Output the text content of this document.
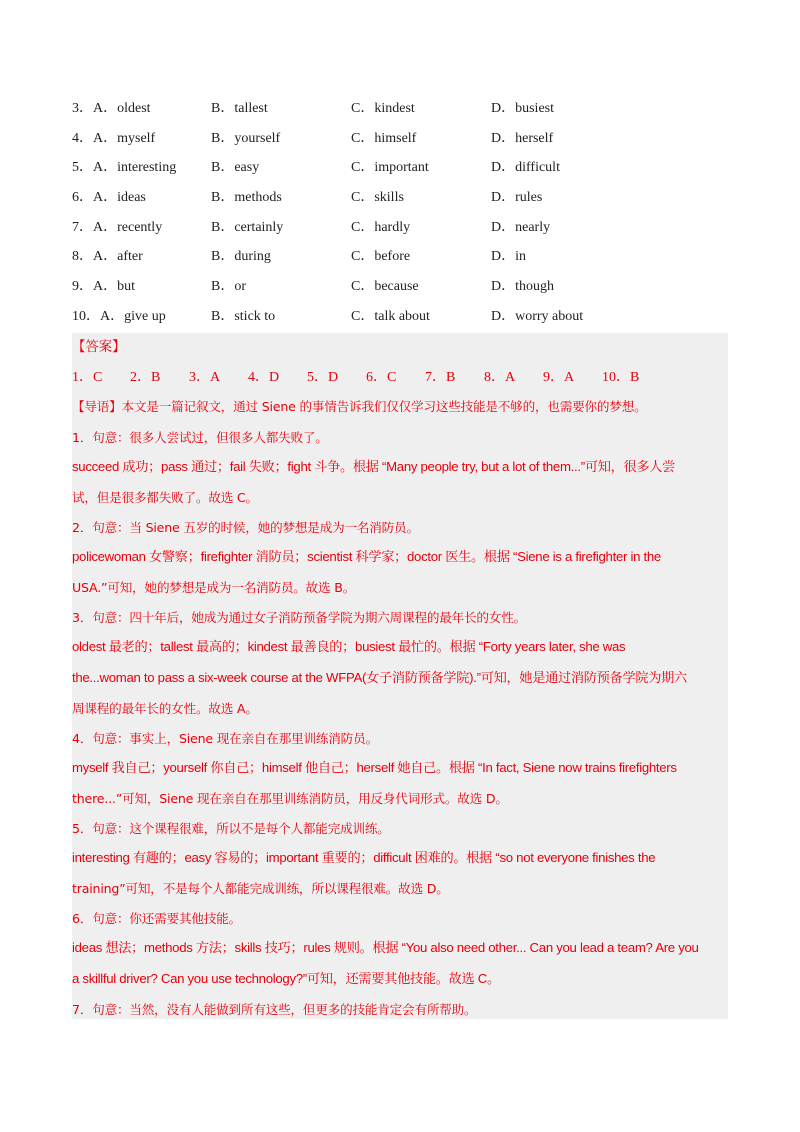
3．A．oldest	B．tallest	C．kindest	D．busiest
4．A．myself	B．yourself	C．himself	D．herself
5．A．interesting B．easy	C．important	D．difficult
6．A．ideas	B．methods	C．skills	D．rules
7．A．recently	B．certainly	C．hardly	D．nearly
8．A．after	B．during	C．before	D．in
9．A．but	B．or	C．because	D．though
10．A．give up	B．stick to	C．talk about	D．worry about
【答案】
1．C 2．B 3．A 4．D 5．D 6．C 7．B 8．A 9．A 10．B
【导语】本文是一篇记叙文，通过 Siene 的事情告诉我们仅仅学习这些技能是不够的，也需要你的梦想。
1．句意：很多人尝试过，但很多人都失败了。
succeed 成功；pass 通过；fail 失败；fight 斗争。根据 “Many people try, but a lot of them...”可知，很多人尝
试，但是很多都失败了。故选 C。
2．句意：当 Siene 五岁的时候，她的梦想是成为一名消防员。
policewoman 女警察；firefighter 消防员；scientist 科学家；doctor 医生。根据 “Siene is a firefighter in the
USA.”可知，她的梦想是成为一名消防员。故选 B。
3．句意：四十年后，她成为通过女子消防预备学院为期六周课程的最年长的女性。
oldest 最老的；tallest 最高的；kindest 最善良的；busiest 最忙的。根据 “Forty years later, she was
the...woman to pass a six-week course at the WFPA(女子消防预备学院).”可知，她是通过消防预备学院为期六
周课程的最年长的女性。故选 A。
4．句意：事实上，Siene 现在亲自在那里训练消防员。
myself 我自己；yourself 你自己；himself 他自己；herself 她自己。根据 “In fact, Siene now trains firefighters
there...”可知，Siene 现在亲自在那里训练消防员，用反身代词形式。故选 D。
5．句意：这个课程很难，所以不是每个人都能完成训练。
interesting 有趣的；easy 容易的；important 重要的；difficult 困难的。根据 “so not everyone finishes the
training”可知，不是每个人都能完成训练，所以课程很难。故选 D。
6．句意：你还需要其他技能。
ideas 想法；methods 方法；skills 技巧；rules 规则。根据 “You also need other... Can you lead a team? Are you
a skillful driver? Can you use technology?”可知，还需要其他技能。故选 C。
7．句意：当然，没有人能做到所有这些，但更多的技能肯定会有所帮助。
